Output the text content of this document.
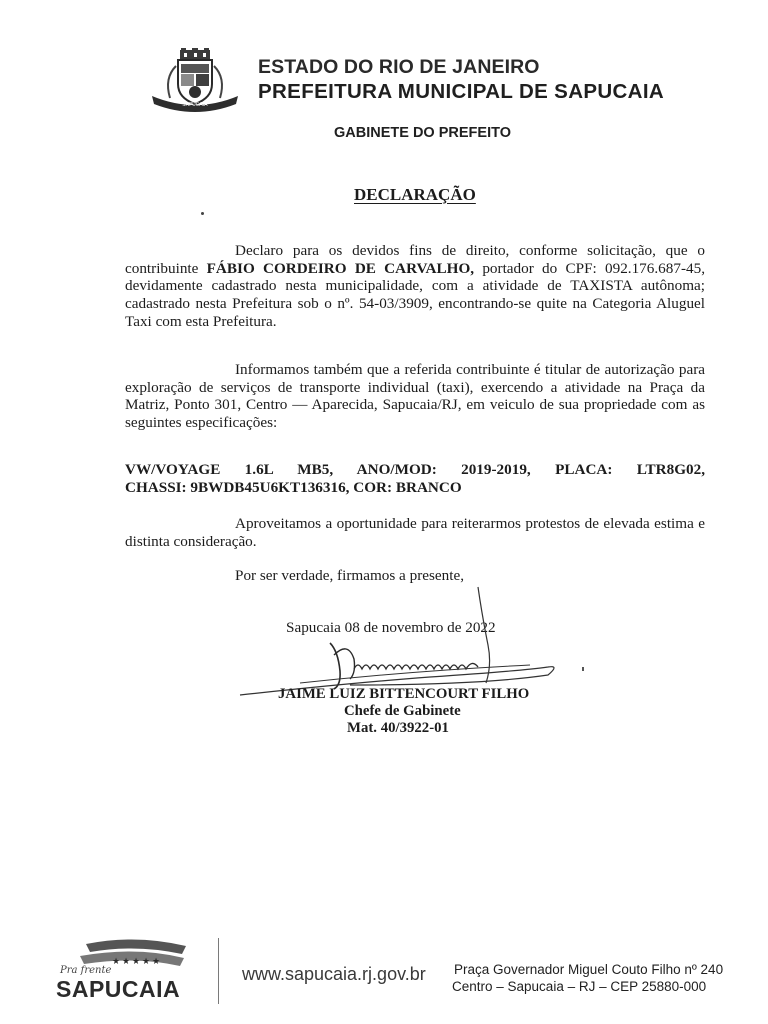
SAPUCAIA
ESTADO DO RIO DE JANEIRO
PREFEITURA MUNICIPAL DE SAPUCAIA
GABINETE DO PREFEITO
DECLARAÇÃO
Declaro para os devidos fins de direito, conforme solicitação, que o contribuinte FÁBIO CORDEIRO DE CARVALHO, portador do CPF: 092.176.687-45, devidamente cadastrado nesta municipalidade, com a atividade de TAXISTA autônoma; cadastrado nesta Prefeitura sob o nº. 54-03/3909, encontrando-se quite na Categoria Aluguel Taxi com esta Prefeitura.
Informamos também que a referida contribuinte é titular de autorização para exploração de serviços de transporte individual (taxi), exercendo a atividade na Praça da Matriz, Ponto 301, Centro — Aparecida, Sapucaia/RJ, em veiculo de sua propriedade com as seguintes especificações:
VW/VOYAGE 1.6L MB5, ANO/MOD: 2019-2019, PLACA: LTR8G02,
CHASSI: 9BWDB45U6KT136316, COR: BRANCO
Aproveitamos a oportunidade para reiterarmos protestos de elevada estima e distinta consideração.
Por ser verdade, firmamos a presente,
Sapucaia 08 de novembro de 2022
JAIME LUIZ BITTENCOURT FILHO
Chefe de Gabinete
Mat. 40/3922-01
★ ★ ★ ★ ★
Pra frente
SAPUCAIA
www.sapucaia.rj.gov.br Praça Governador Miguel Couto Filho nº 240
Centro – Sapucaia – RJ – CEP 25880-000
